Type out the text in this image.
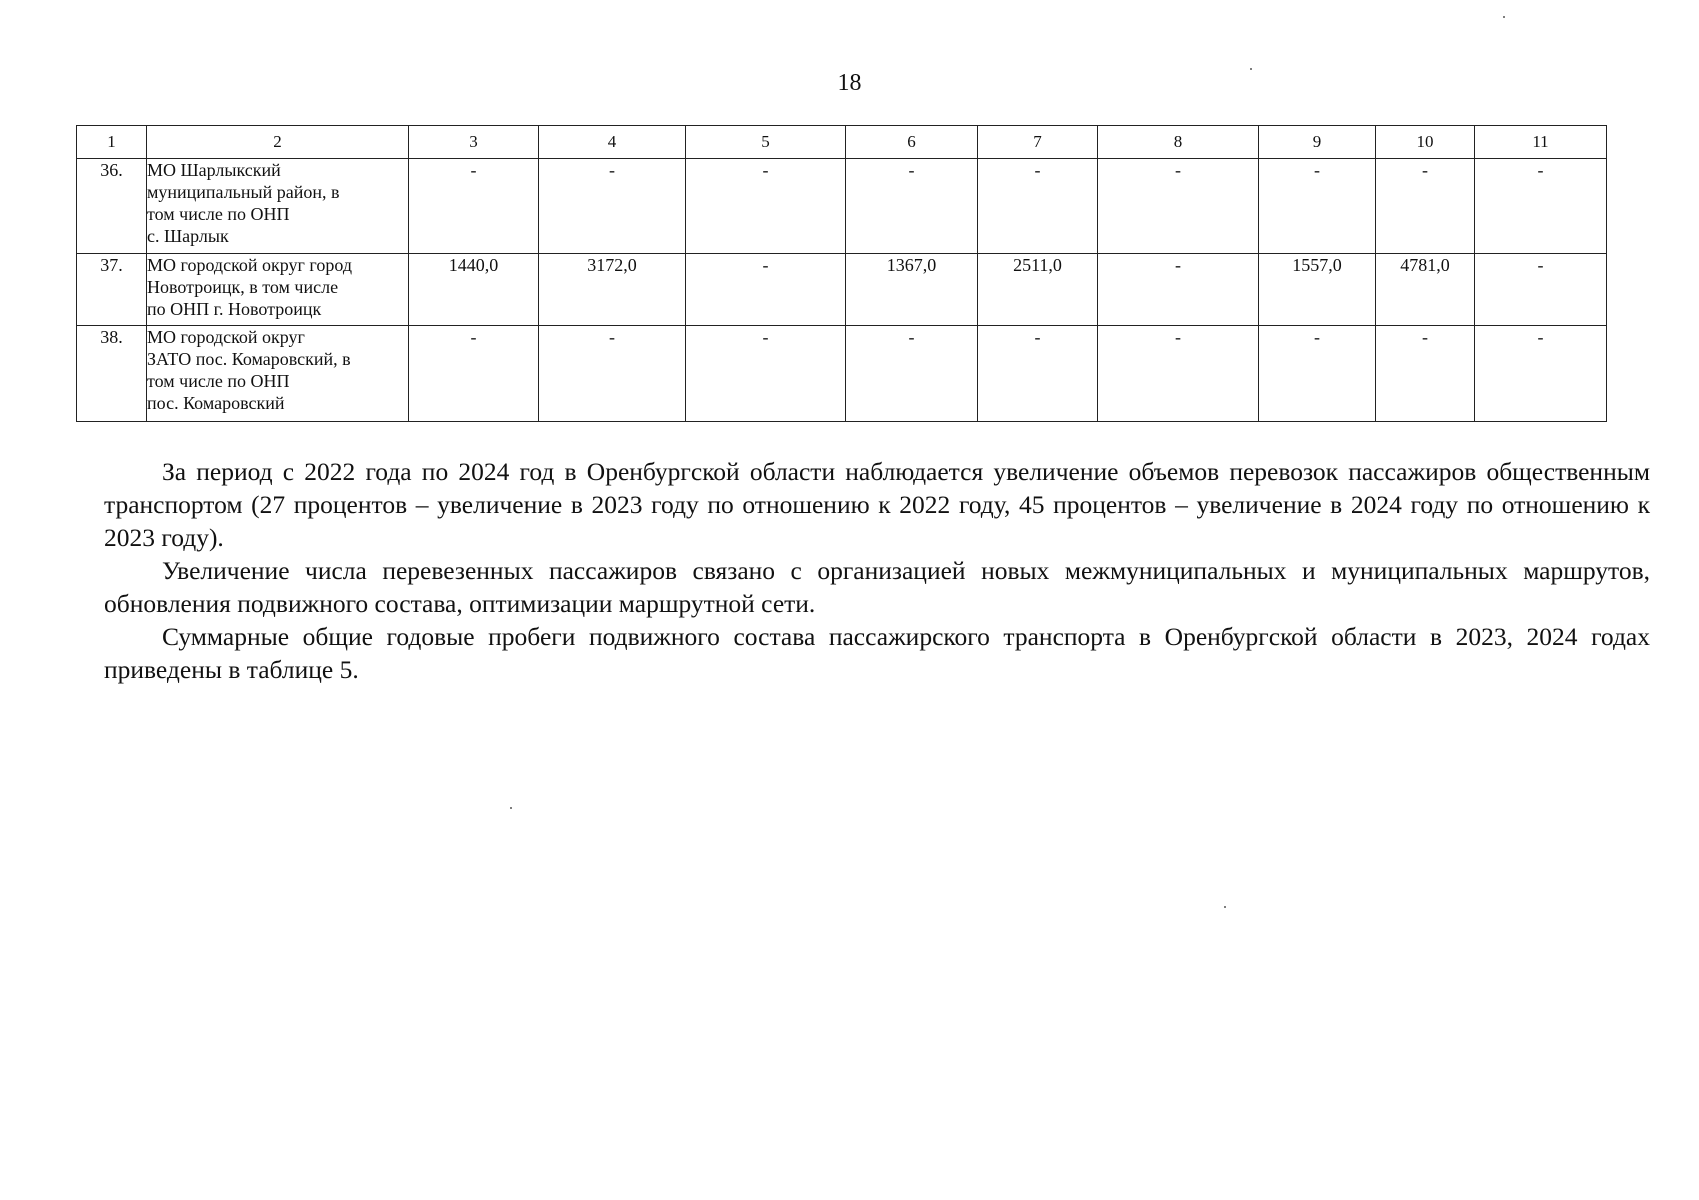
18
1	2	3	4	5	6	7	8	9	10	11
36.	МО Шарлыкский
муниципальный район, в
том числе по ОНП
с. Шарлык	-	-	-	-	-	-	-	-	-
37.	МО городской округ город
Новотроицк, в том числе
по ОНП г. Новотроицк	1440,0	3172,0	-	1367,0	2511,0	-	1557,0	4781,0	-
38.	МО городской округ
ЗАТО пос. Комаровский, в
том числе по ОНП
пос. Комаровский	-	-	-	-	-	-	-	-	-

За период с 2022 года по 2024 год в Оренбургской области наблюдается увеличение объемов перевозок пассажиров общественным транспортом (27 процентов – увеличение в 2023 году по отношению к 2022 году, 45 процентов – увеличение в 2024 году по отношению к 2023 году).

Увеличение числа перевезенных пассажиров связано с организацией новых межмуниципальных и муниципальных маршрутов, обновления подвижного состава, оптимизации маршрутной сети.

Суммарные общие годовые пробеги подвижного состава пассажирского транспорта в Оренбургской области в 2023, 2024 годах приведены в таблице 5.
